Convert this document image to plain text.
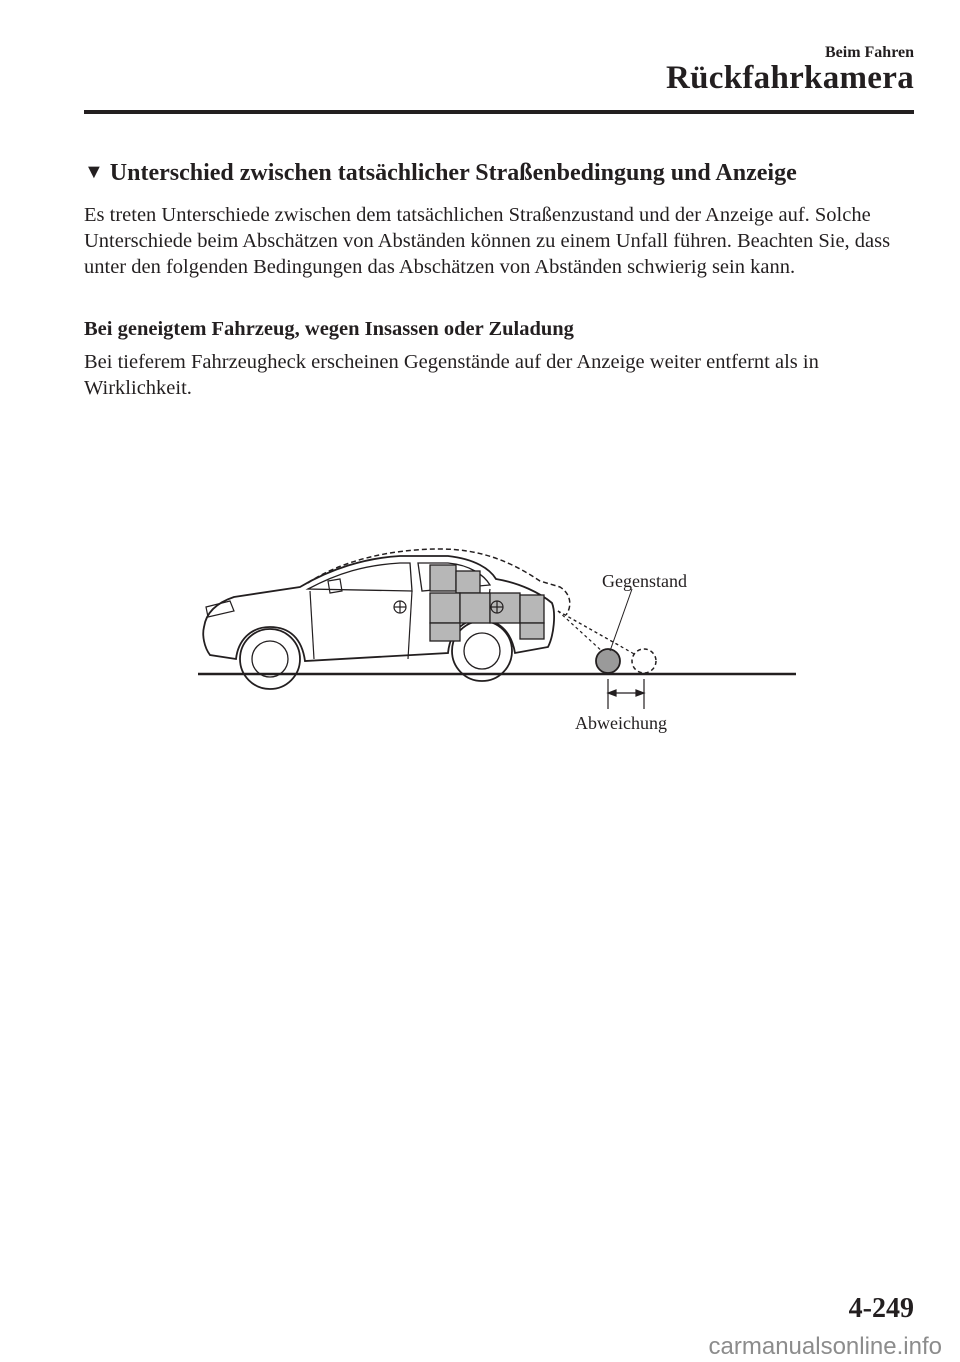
Beim Fahren
Rückfahrkamera
▼ Unterschied zwischen tatsächlicher Straßenbedingung und Anzeige

Es treten Unterschiede zwischen dem tatsächlichen Straßenzustand und der Anzeige auf. Solche Unterschiede beim Abschätzen von Abständen können zu einem Unfall führen. Beachten Sie, dass unter den folgenden Bedingungen das Abschätzen von Abständen schwierig sein kann.

Bei geneigtem Fahrzeug, wegen Insassen oder Zuladung

Bei tieferem Fahrzeugheck erscheinen Gegenstände auf der Anzeige weiter entfernt als in Wirklichkeit.

Gegenstand
Abweichung
4-249
carmanualsonline.info
